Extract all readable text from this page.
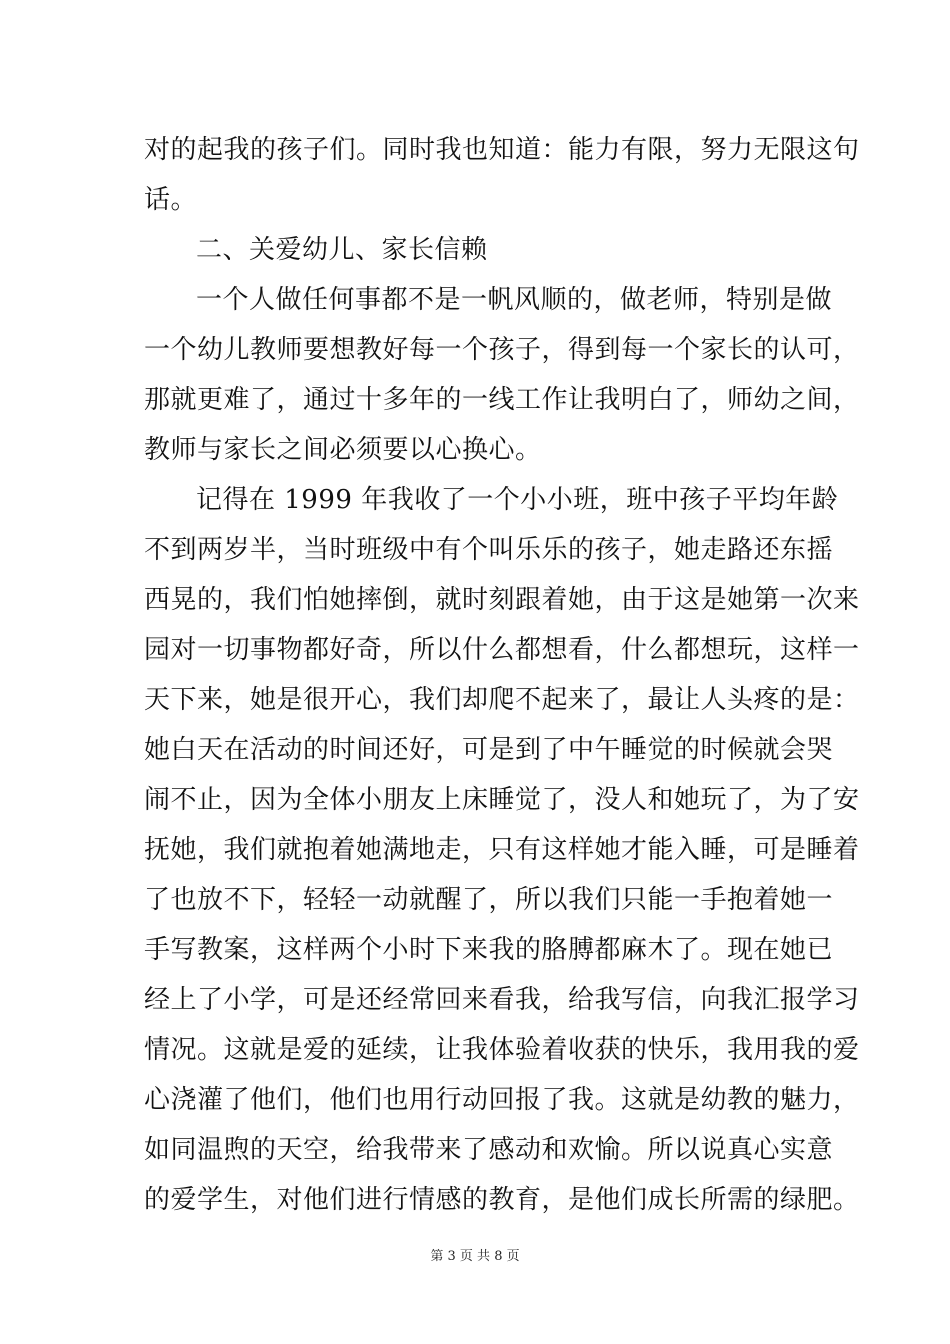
对的起我的孩子们。同时我也知道：能力有限，努力无限这句
话。
二、关爱幼儿、家长信赖
一个人做任何事都不是一帆风顺的，做老师，特别是做
一个幼儿教师要想教好每一个孩子，得到每一个家长的认可，
那就更难了，通过十多年的一线工作让我明白了，师幼之间，
教师与家长之间必须要以心换心。
记得在 1999 年我收了一个小小班，班中孩子平均年龄
不到两岁半，当时班级中有个叫乐乐的孩子，她走路还东摇
西晃的，我们怕她摔倒，就时刻跟着她，由于这是她第一次来
园对一切事物都好奇，所以什么都想看，什么都想玩，这样一
天下来，她是很开心，我们却爬不起来了，最让人头疼的是：
她白天在活动的时间还好，可是到了中午睡觉的时候就会哭
闹不止，因为全体小朋友上床睡觉了，没人和她玩了，为了安
抚她，我们就抱着她满地走，只有这样她才能入睡，可是睡着
了也放不下，轻轻一动就醒了，所以我们只能一手抱着她一
手写教案，这样两个小时下来我的胳膊都麻木了。现在她已
经上了小学，可是还经常回来看我，给我写信，向我汇报学习
情况。这就是爱的延续，让我体验着收获的快乐，我用我的爱
心浇灌了他们，他们也用行动回报了我。这就是幼教的魅力，
如同温煦的天空，给我带来了感动和欢愉。所以说真心实意
的爱学生，对他们进行情感的教育，是他们成长所需的绿肥。
第 3 页 共 8 页
